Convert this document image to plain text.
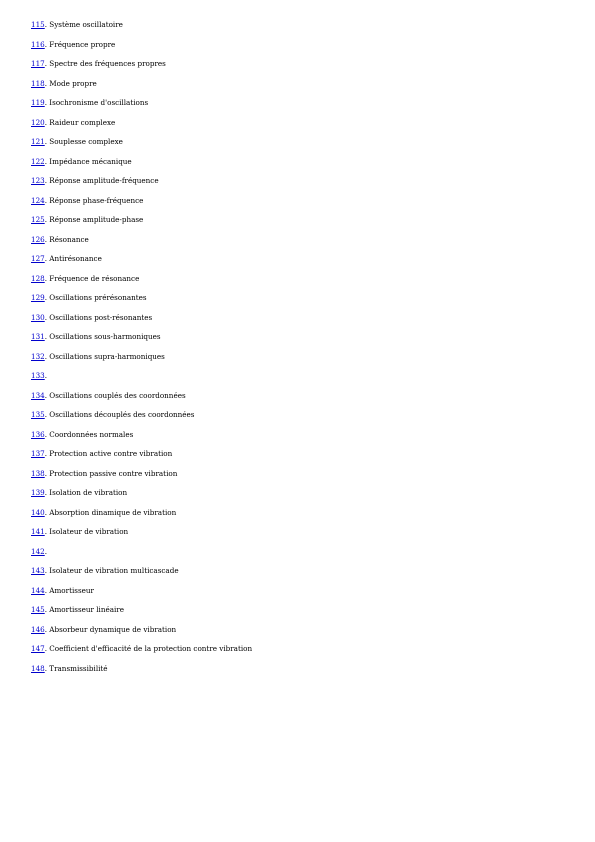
115. Système oscillatoire
116. Fréquence propre
117. Spectre des fréquences propres
118. Mode propre
119. Isochronisme d'oscillations
120. Raideur complexe
121. Souplesse complexe
122. Impédance mécanique
123. Réponse amplitude-fréquence
124. Réponse phase-fréquence
125. Réponse amplitude-phase
126. Résonance
127. Antirésonance
128. Fréquence de résonance
129. Oscillations prérésonantes
130. Oscillations post-résonantes
131. Oscillations sous-harmoniques
132. Oscillations supra-harmoniques
133.
134. Oscillations couplés des coordonnées
135. Oscillations découplés des coordonnées
136. Coordonnées normales
137. Protection active contre vibration
138. Protection passive contre vibration
139. Isolation de vibration
140. Absorption dinamique de vibration
141. Isolateur de vibration
142.
143. Isolateur de vibration multicascade
144. Amortisseur
145. Amortisseur linéaire
146. Absorbeur dynamique de vibration
147. Coefficient d'efficacité de la protection contre vibration
148. Transmissibilité
